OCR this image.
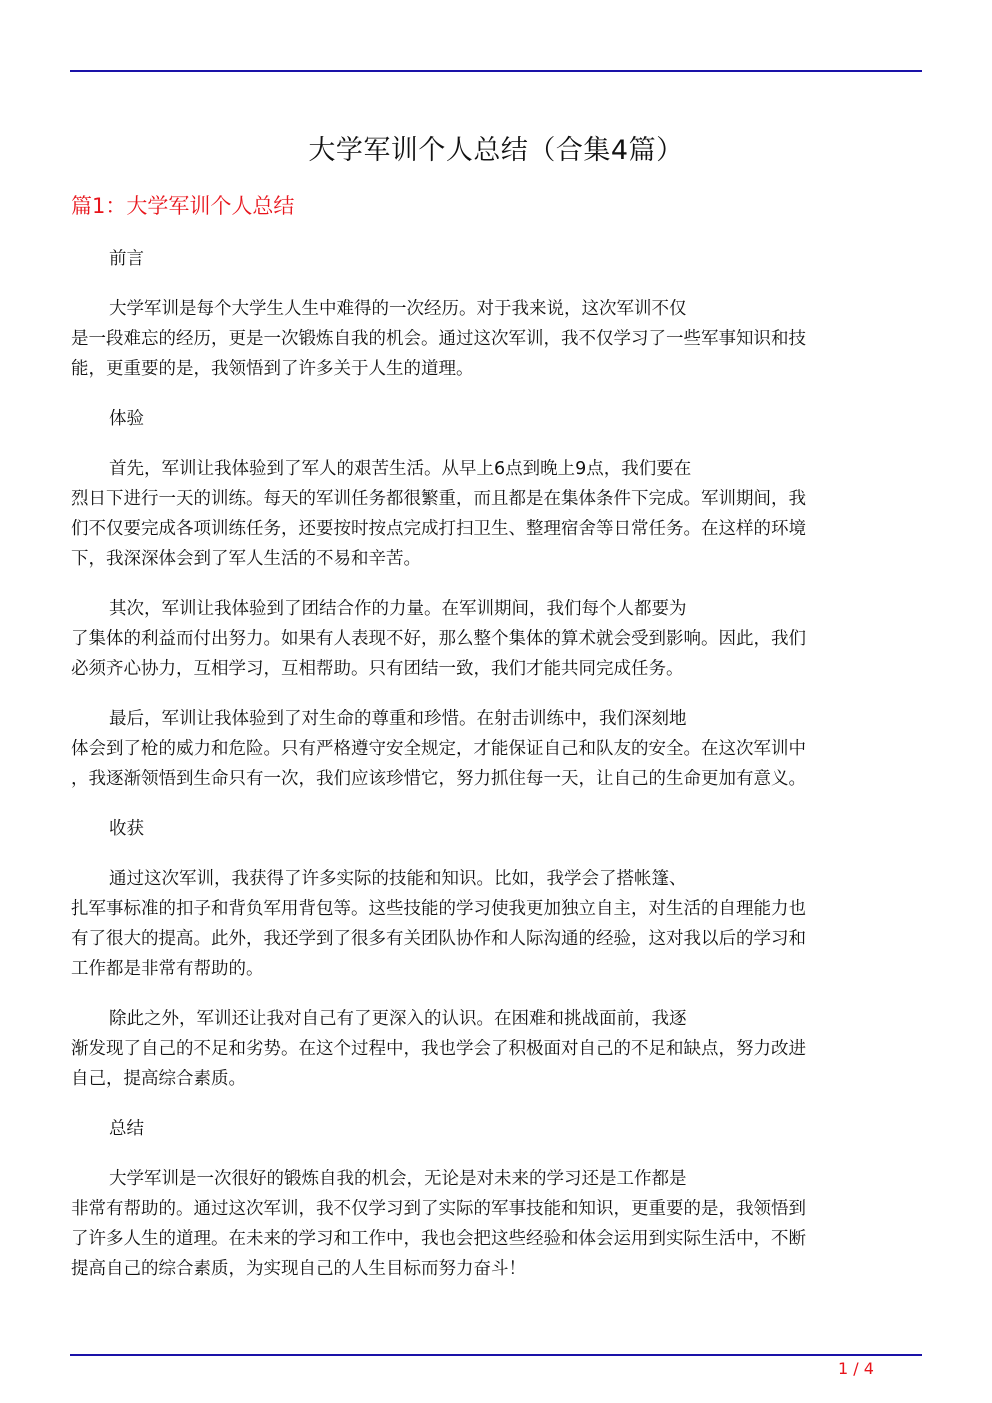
大学军训个人总结（合集4篇）
篇1：大学军训个人总结
前言
大学军训是每个大学生人生中难得的一次经历。对于我来说，这次军训不仅
是一段难忘的经历，更是一次锻炼自我的机会。通过这次军训，我不仅学习了一些军事知识和技
能，更重要的是，我领悟到了许多关于人生的道理。
体验
首先，军训让我体验到了军人的艰苦生活。从早上6点到晚上9点，我们要在
烈日下进行一天的训练。每天的军训任务都很繁重，而且都是在集体条件下完成。军训期间，我
们不仅要完成各项训练任务，还要按时按点完成打扫卫生、整理宿舍等日常任务。在这样的环境
下，我深深体会到了军人生活的不易和辛苦。
其次，军训让我体验到了团结合作的力量。在军训期间，我们每个人都要为
了集体的利益而付出努力。如果有人表现不好，那么整个集体的算术就会受到影响。因此，我们
必须齐心协力，互相学习，互相帮助。只有团结一致，我们才能共同完成任务。
最后，军训让我体验到了对生命的尊重和珍惜。在射击训练中，我们深刻地
体会到了枪的威力和危险。只有严格遵守安全规定，才能保证自己和队友的安全。在这次军训中
，我逐渐领悟到生命只有一次，我们应该珍惜它，努力抓住每一天，让自己的生命更加有意义。
收获
通过这次军训，我获得了许多实际的技能和知识。比如，我学会了搭帐篷、
扎军事标准的扣子和背负军用背包等。这些技能的学习使我更加独立自主，对生活的自理能力也
有了很大的提高。此外，我还学到了很多有关团队协作和人际沟通的经验，这对我以后的学习和
工作都是非常有帮助的。
除此之外，军训还让我对自己有了更深入的认识。在困难和挑战面前，我逐
渐发现了自己的不足和劣势。在这个过程中，我也学会了积极面对自己的不足和缺点，努力改进
自己，提高综合素质。
总结
大学军训是一次很好的锻炼自我的机会，无论是对未来的学习还是工作都是
非常有帮助的。通过这次军训，我不仅学习到了实际的军事技能和知识，更重要的是，我领悟到
了许多人生的道理。在未来的学习和工作中，我也会把这些经验和体会运用到实际生活中，不断
提高自己的综合素质，为实现自己的人生目标而努力奋斗！
1 / 4
